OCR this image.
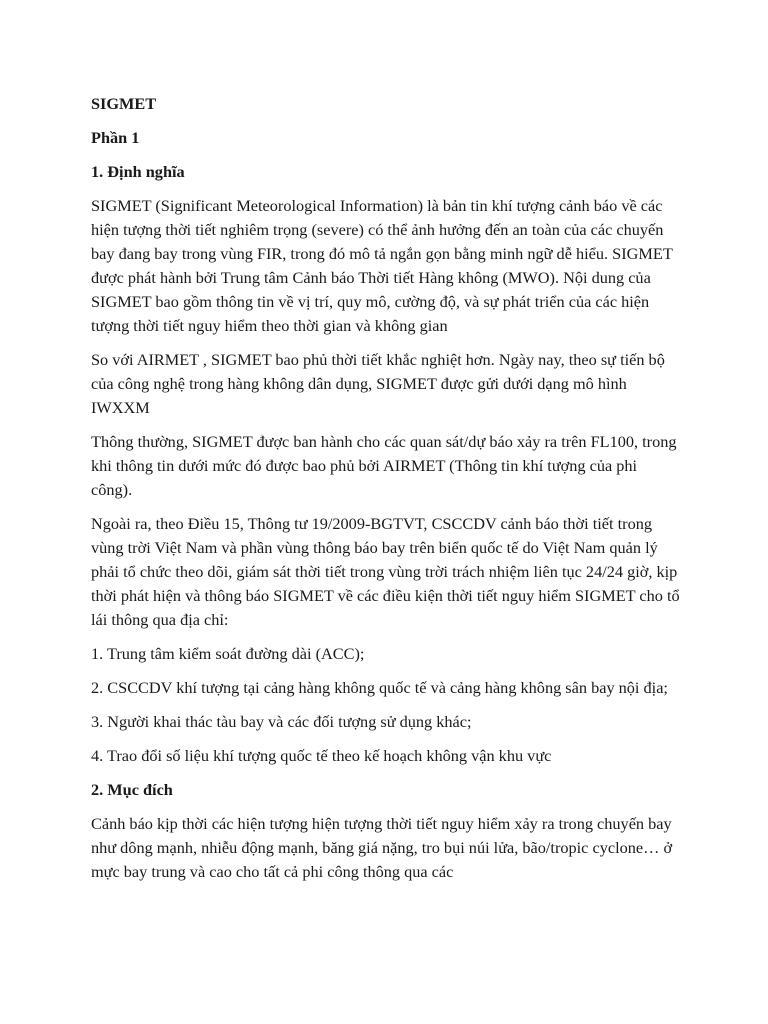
SIGMET

Phần 1

1. Định nghĩa

SIGMET (Significant Meteorological Information) là bản tin khí tượng cảnh báo về các hiện tượng thời tiết nghiêm trọng (severe) có thể ảnh hưởng đến an toàn của các chuyến bay đang bay trong vùng FIR, trong đó mô tả ngắn gọn bằng minh ngữ dễ hiểu. SIGMET được phát hành bởi Trung tâm Cảnh báo Thời tiết Hàng không (MWO). Nội dung của SIGMET bao gồm thông tin về vị trí, quy mô, cường độ, và sự phát triển của các hiện tượng thời tiết nguy hiểm theo thời gian và không gian

So với AIRMET , SIGMET bao phủ thời tiết khắc nghiệt hơn. Ngày nay, theo sự tiến bộ của công nghệ trong hàng không dân dụng, SIGMET được gửi dưới dạng mô hình IWXXM

Thông thường, SIGMET được ban hành cho các quan sát/dự báo xảy ra trên FL100, trong khi thông tin dưới mức đó được bao phủ bởi AIRMET (Thông tin khí tượng của phi công).

Ngoài ra, theo Điều 15, Thông tư 19/2009-BGTVT, CSCCDV cảnh báo thời tiết trong vùng trời Việt Nam và phần vùng thông báo bay trên biển quốc tế do Việt Nam quản lý phải tổ chức theo dõi, giám sát thời tiết trong vùng trời trách nhiệm liên tục 24/24 giờ, kịp thời phát hiện và thông báo SIGMET về các điều kiện thời tiết nguy hiểm SIGMET cho tổ lái thông qua địa chỉ:

1. Trung tâm kiểm soát đường dài (ACC);

2. CSCCDV khí tượng tại cảng hàng không quốc tế và cảng hàng không sân bay nội địa;

3. Người khai thác tàu bay và các đối tượng sử dụng khác;

4. Trao đổi số liệu khí tượng quốc tế theo kế hoạch không vận khu vực

2. Mục đích

Cảnh báo kịp thời các hiện tượng hiện tượng thời tiết nguy hiểm xảy ra trong chuyến bay như dông mạnh, nhiễu động mạnh, băng giá nặng, tro bụi núi lửa, bão/tropic cyclone… ở mực bay trung và cao cho tất cả phi công thông qua các
